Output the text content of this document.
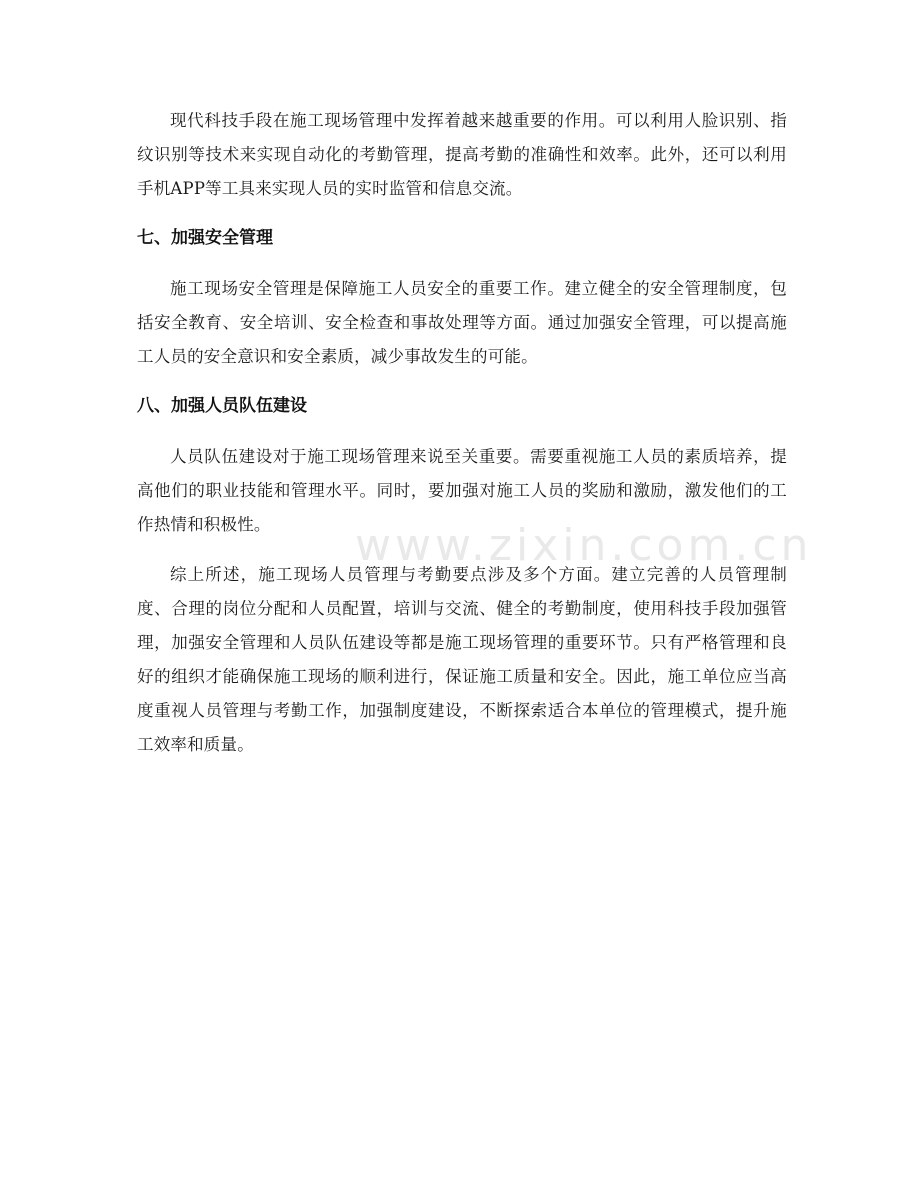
www.zixin.com.cn

现代科技手段在施工现场管理中发挥着越来越重要的作用。可以利用人脸识别、指纹识别等技术来实现自动化的考勤管理，提高考勤的准确性和效率。此外，还可以利用手机APP等工具来实现人员的实时监管和信息交流。

七、加强安全管理

施工现场安全管理是保障施工人员安全的重要工作。建立健全的安全管理制度，包括安全教育、安全培训、安全检查和事故处理等方面。通过加强安全管理，可以提高施工人员的安全意识和安全素质，减少事故发生的可能。

八、加强人员队伍建设

人员队伍建设对于施工现场管理来说至关重要。需要重视施工人员的素质培养，提高他们的职业技能和管理水平。同时，要加强对施工人员的奖励和激励，激发他们的工作热情和积极性。

综上所述，施工现场人员管理与考勤要点涉及多个方面。建立完善的人员管理制度、合理的岗位分配和人员配置，培训与交流、健全的考勤制度，使用科技手段加强管理，加强安全管理和人员队伍建设等都是施工现场管理的重要环节。只有严格管理和良好的组织才能确保施工现场的顺利进行，保证施工质量和安全。因此，施工单位应当高度重视人员管理与考勤工作，加强制度建设，不断探索适合本单位的管理模式，提升施工效率和质量。
